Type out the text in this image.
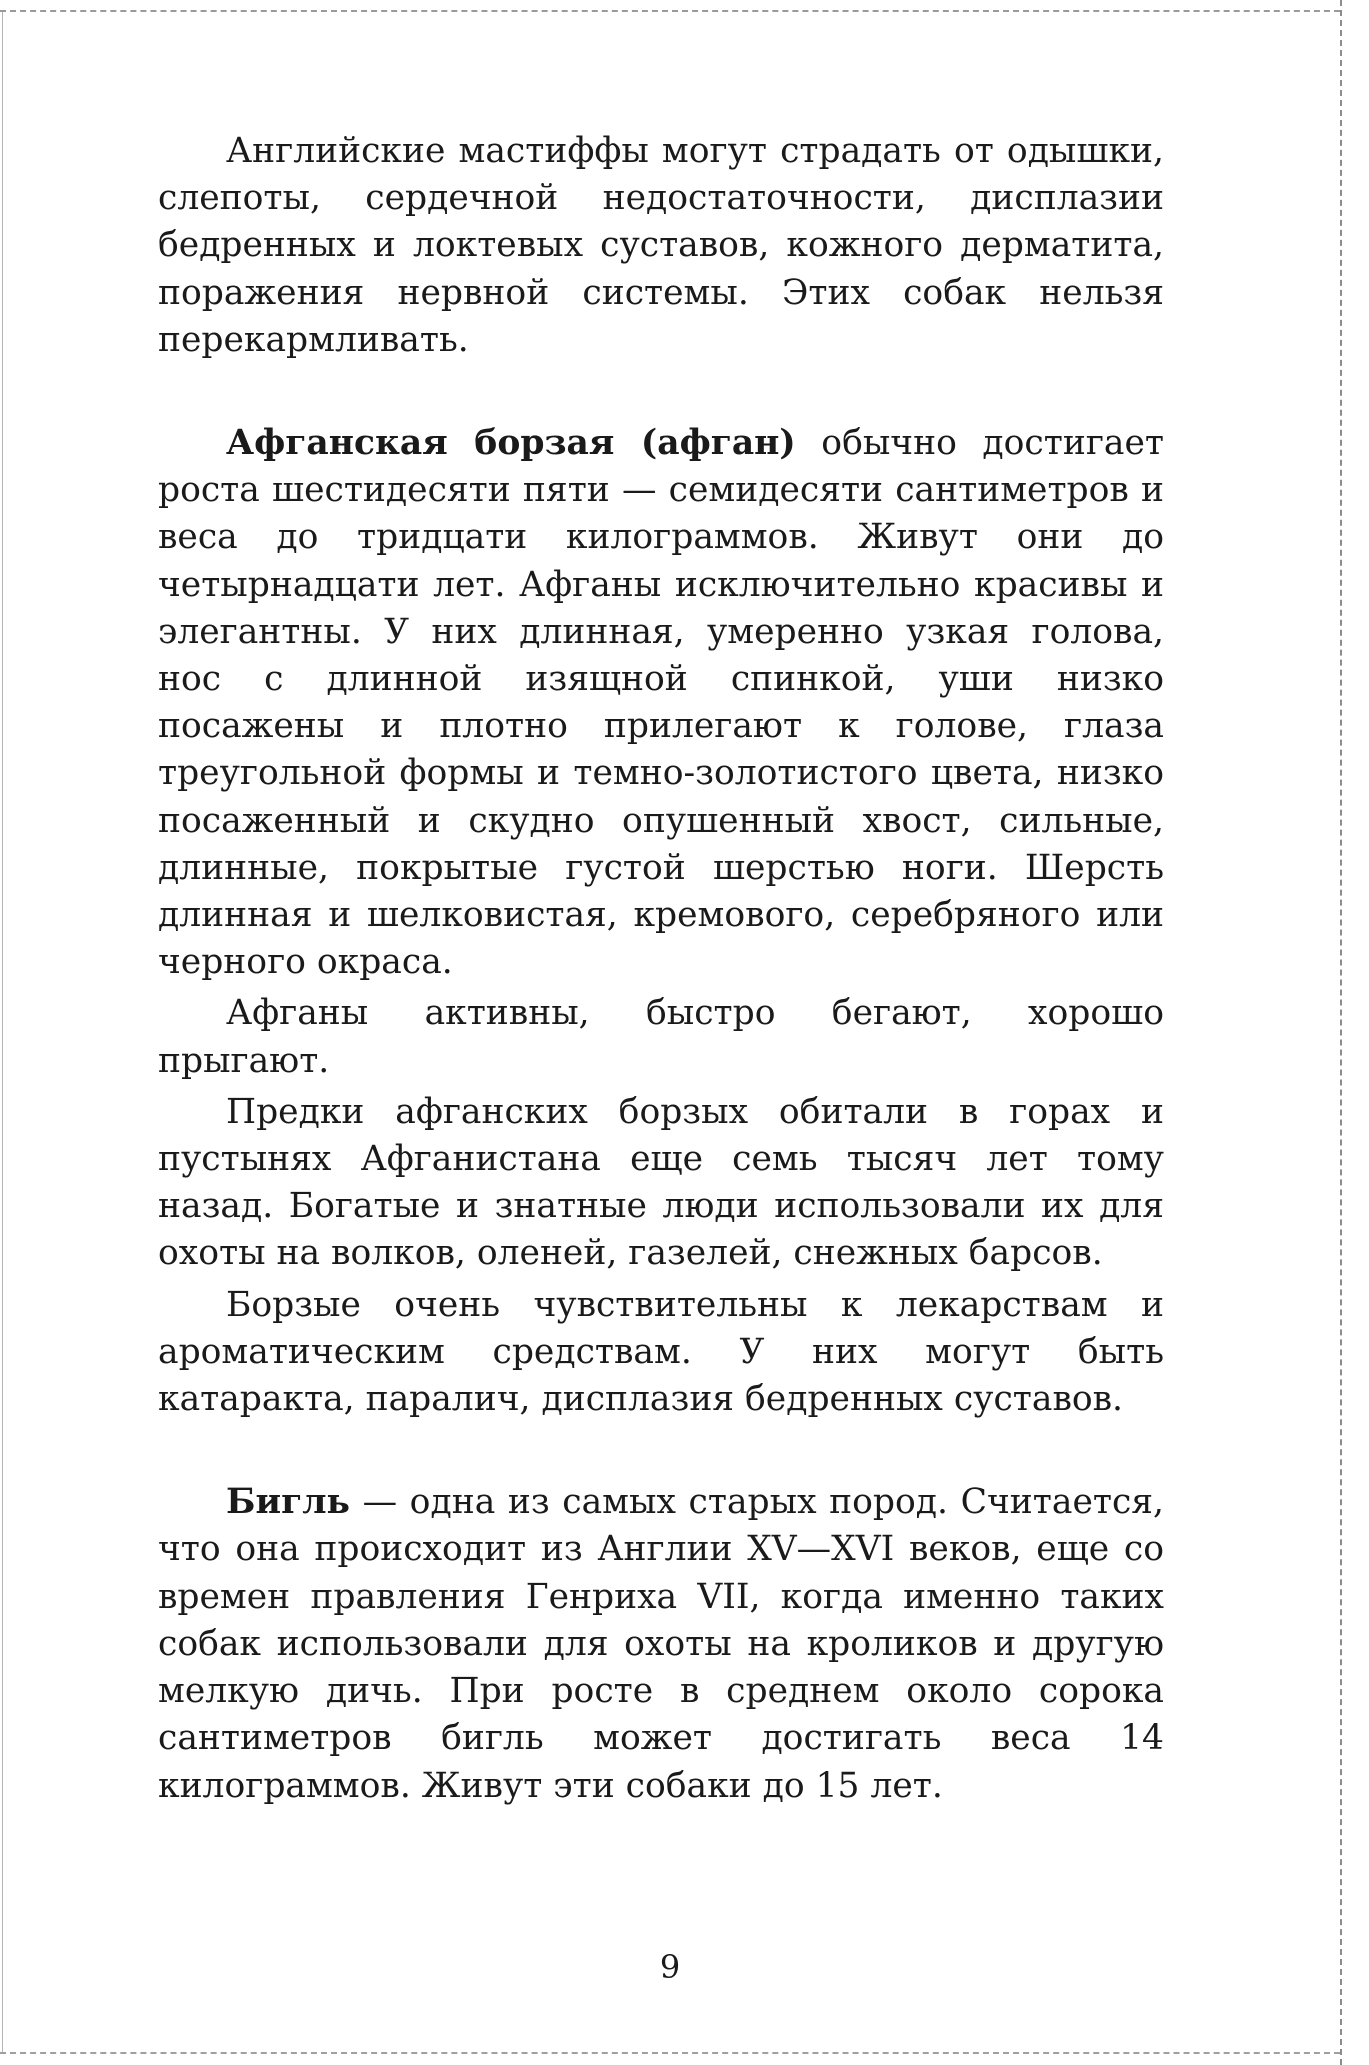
Английские мастиффы могут страдать от одышки, слепоты, сердечной недостаточности, дисплазии бедренных и локтевых суставов, кожного дерматита, поражения нервной системы. Этих собак нельзя перекармливать.

Афганская борзая (афган) обычно достигает роста шестидесяти пяти — семидесяти сантиметров и веса до тридцати килограммов. Живут они до четырнадцати лет. Афганы исключительно красивы и элегантны. У них длинная, умеренно узкая голова, нос с длинной изящной спинкой, уши низко посажены и плотно прилегают к голове, глаза треугольной формы и темно-золотистого цвета, низко посаженный и скудно опушенный хвост, сильные, длинные, покрытые густой шерстью ноги. Шерсть длинная и шелковистая, кремового, серебряного или черного окраса.

Афганы активны, быстро бегают, хорошо прыгают.

Предки афганских борзых обитали в горах и пустынях Афганистана еще семь тысяч лет тому назад. Богатые и знатные люди использовали их для охоты на волков, оленей, газелей, снежных барсов.

Борзые очень чувствительны к лекарствам и ароматическим средствам. У них могут быть катаракта, паралич, дисплазия бедренных суставов.

Бигль — одна из самых старых пород. Считается, что она происходит из Англии XV—XVI веков, еще со времен правления Генриха VII, когда именно таких собак использовали для охоты на кроликов и другую мелкую дичь. При росте в среднем около сорока сантиметров бигль может достигать веса 14 килограммов. Живут эти собаки до 15 лет.

9
